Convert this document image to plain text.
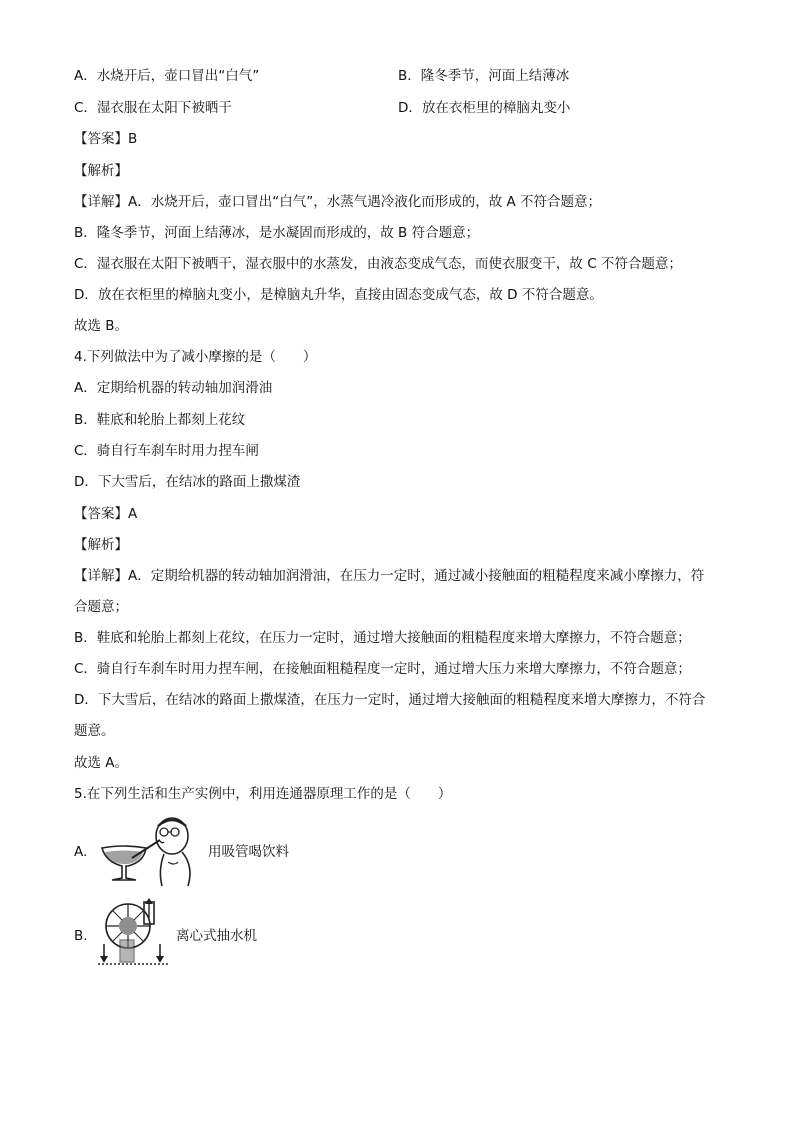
A．水烧开后，壶口冒出“白气”	B．隆冬季节，河面上结薄冰
C．湿衣服在太阳下被晒干	D．放在衣柜里的樟脑丸变小
【答案】B
【解析】
【详解】A．水烧开后，壶口冒出“白气”，水蒸气遇冷液化而形成的，故 A 不符合题意；
B．隆冬季节，河面上结薄冰，是水凝固而形成的，故 B 符合题意；
C．湿衣服在太阳下被晒干，湿衣服中的水蒸发，由液态变成气态，而使衣服变干，故 C 不符合题意；
D．放在衣柜里的樟脑丸变小，是樟脑丸升华，直接由固态变成气态，故 D 不符合题意。
故选 B。
4.下列做法中为了减小摩擦的是（　　）
A．定期给机器的转动轴加润滑油
B．鞋底和轮胎上都刻上花纹
C．骑自行车刹车时用力捏车闸
D．下大雪后，在结冰的路面上撒煤渣
【答案】A
【解析】
【详解】A．定期给机器的转动轴加润滑油，在压力一定时，通过减小接触面的粗糙程度来减小摩擦力，符
合题意；
B．鞋底和轮胎上都刻上花纹，在压力一定时，通过增大接触面的粗糙程度来增大摩擦力，不符合题意；
C．骑自行车刹车时用力捏车闸，在接触面粗糙程度一定时，通过增大压力来增大摩擦力，不符合题意；
D．下大雪后，在结冰的路面上撒煤渣，在压力一定时，通过增大接触面的粗糙程度来增大摩擦力，不符合
题意。
故选 A。
5.在下列生活和生产实例中，利用连通器原理工作的是（　　）
A.	用吸管喝饮料
B.	离心式抽水机
